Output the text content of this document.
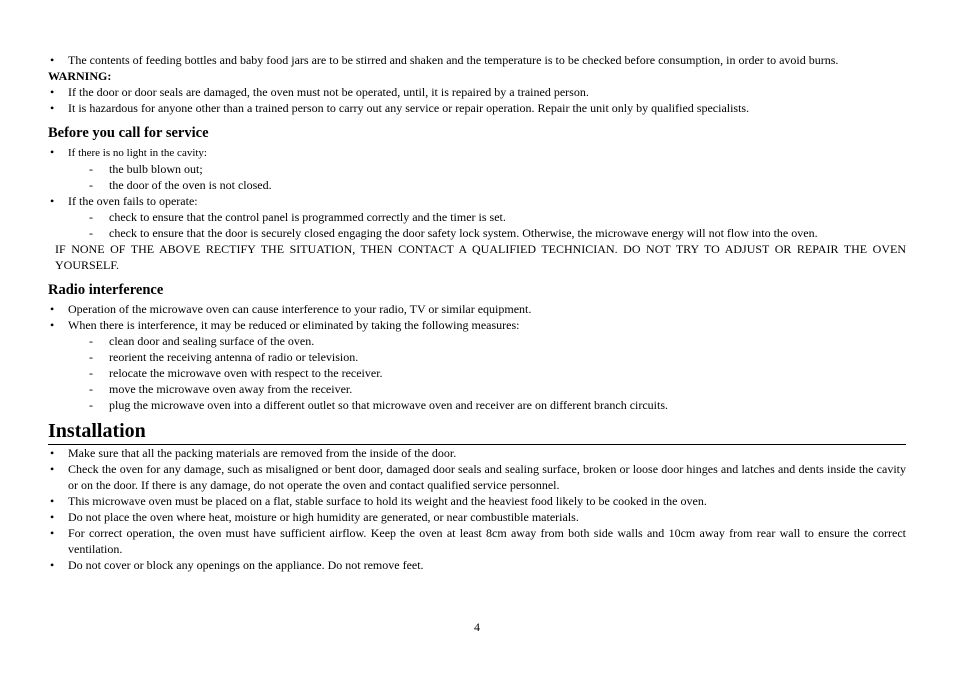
• The contents of feeding bottles and baby food jars are to be stirred and shaken and the temperature is to be checked before consumption, in order to avoid burns.

WARNING:

• If the door or door seals are damaged, the oven must not be operated, until, it is repaired by a trained person.
• It is hazardous for anyone other than a trained person to carry out any service or repair operation. Repair the unit only by qualified specialists.
Before you call for service
• If there is no light in the cavity:
- the bulb blown out;
- the door of the oven is not closed.
• If the oven fails to operate:
- check to ensure that the control panel is programmed correctly and the timer is set.
- check to ensure that the door is securely closed engaging the door safety lock system. Otherwise, the microwave energy will not flow into the oven.

IF NONE OF THE ABOVE RECTIFY THE SITUATION, THEN CONTACT A QUALIFIED TECHNICIAN. DO NOT TRY TO ADJUST OR REPAIR THE OVEN YOURSELF.

Radio interference
• Operation of the microwave oven can cause interference to your radio, TV or similar equipment.
• When there is interference, it may be reduced or eliminated by taking the following measures:
- clean door and sealing surface of the oven.
- reorient the receiving antenna of radio or television.
- relocate the microwave oven with respect to the receiver.
- move the microwave oven away from the receiver.
- plug the microwave oven into a different outlet so that microwave oven and receiver are on different branch circuits.
Installation
• Make sure that all the packing materials are removed from the inside of the door.
• Check the oven for any damage, such as misaligned or bent door, damaged door seals and sealing surface, broken or loose door hinges and latches and dents inside the cavity or on the door. If there is any damage, do not operate the oven and contact qualified service personnel.
• This microwave oven must be placed on a flat, stable surface to hold its weight and the heaviest food likely to be cooked in the oven.
• Do not place the oven where heat, moisture or high humidity are generated, or near combustible materials.
• For correct operation, the oven must have sufficient airflow. Keep the oven at least 8cm away from both side walls and 10cm away from rear wall to ensure the correct ventilation.
• Do not cover or block any openings on the appliance. Do not remove feet.
4
